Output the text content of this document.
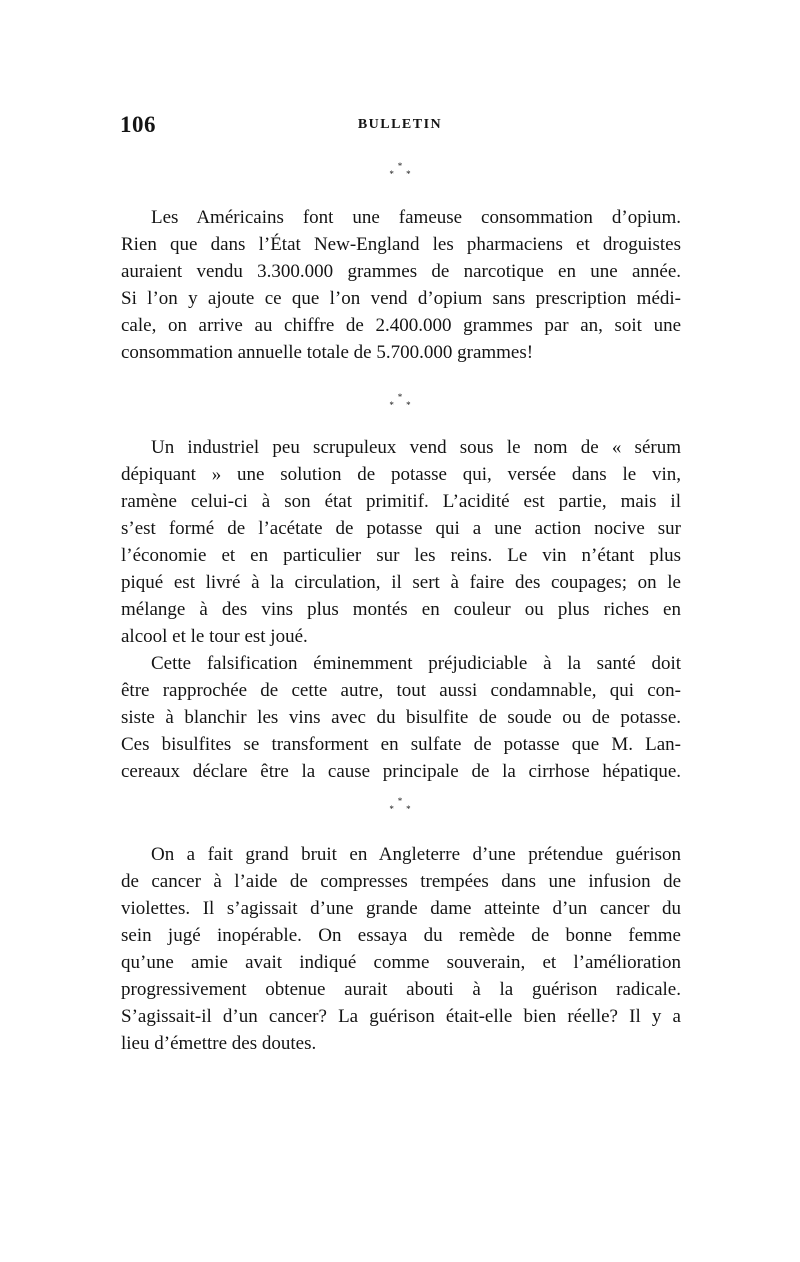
106	BULLETIN
*
* *
Les Américains font une fameuse consommation d’opium.
Rien que dans l’État New-England les pharmaciens et droguistes
auraient vendu 3.300.000 grammes de narcotique en une année.
Si l’on y ajoute ce que l’on vend d’opium sans prescription médi-
cale, on arrive au chiffre de 2.400.000 grammes par an, soit une
consommation annuelle totale de 5.700.000 grammes!
*
* *
Un industriel peu scrupuleux vend sous le nom de « sérum
dépiquant » une solution de potasse qui, versée dans le vin,
ramène celui-ci à son état primitif. L’acidité est partie, mais il
s’est formé de l’acétate de potasse qui a une action nocive sur
l’économie et en particulier sur les reins. Le vin n’étant plus
piqué est livré à la circulation, il sert à faire des coupages; on le
mélange à des vins plus montés en couleur ou plus riches en
alcool et le tour est joué.
Cette falsification éminemment préjudiciable à la santé doit
être rapprochée de cette autre, tout aussi condamnable, qui con-
siste à blanchir les vins avec du bisulfite de soude ou de potasse.
Ces bisulfites se transforment en sulfate de potasse que M. Lan-
cereaux déclare être la cause principale de la cirrhose hépatique.
*
* *
On a fait grand bruit en Angleterre d’une prétendue guérison
de cancer à l’aide de compresses trempées dans une infusion de
violettes. Il s’agissait d’une grande dame atteinte d’un cancer du
sein jugé inopérable. On essaya du remède de bonne femme
qu’une amie avait indiqué comme souverain, et l’amélioration
progressivement obtenue aurait abouti à la guérison radicale.
S’agissait-il d’un cancer? La guérison était-elle bien réelle? Il y a
lieu d’émettre des doutes.
